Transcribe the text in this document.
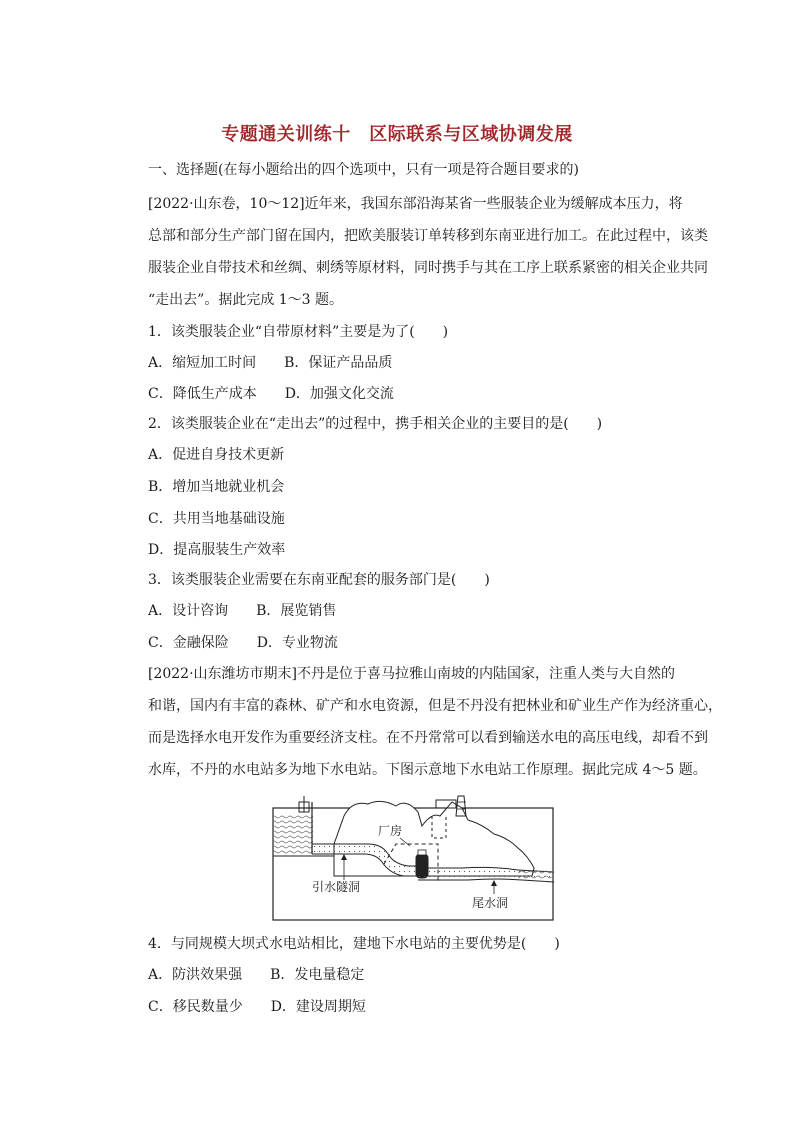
专题通关训练十　区际联系与区域协调发展
一、选择题(在每小题给出的四个选项中，只有一项是符合题目要求的)
[2022·山东卷，10～12]近年来，我国东部沿海某省一些服装企业为缓解成本压力，将
总部和部分生产部门留在国内，把欧美服装订单转移到东南亚进行加工。在此过程中，该类
服装企业自带技术和丝绸、刺绣等原材料，同时携手与其在工序上联系紧密的相关企业共同
“走出去”。据此完成 1～3 题。
1．该类服装企业“自带原材料”主要是为了(　　)
A．缩短加工时间　　B．保证产品品质
C．降低生产成本　　D．加强文化交流
2．该类服装企业在“走出去”的过程中，携手相关企业的主要目的是(　　)
A．促进自身技术更新
B．增加当地就业机会
C．共用当地基础设施
D．提高服装生产效率
3．该类服装企业需要在东南亚配套的服务部门是(　　)
A．设计咨询　　B．展览销售
C．金融保险　　D．专业物流
[2022·山东潍坊市期末]不丹是位于喜马拉雅山南坡的内陆国家，注重人类与大自然的
和谐，国内有丰富的森林、矿产和水电资源，但是不丹没有把林业和矿业生产作为经济重心，
而是选择水电开发作为重要经济支柱。在不丹常常可以看到输送水电的高压电线，却看不到
水库，不丹的水电站多为地下水电站。下图示意地下水电站工作原理。据此完成 4～5 题。
厂房
引水隧洞
尾水洞
4．与同规模大坝式水电站相比，建地下水电站的主要优势是(　　)
A．防洪效果强　　B．发电量稳定
C．移民数量少　　D．建设周期短
